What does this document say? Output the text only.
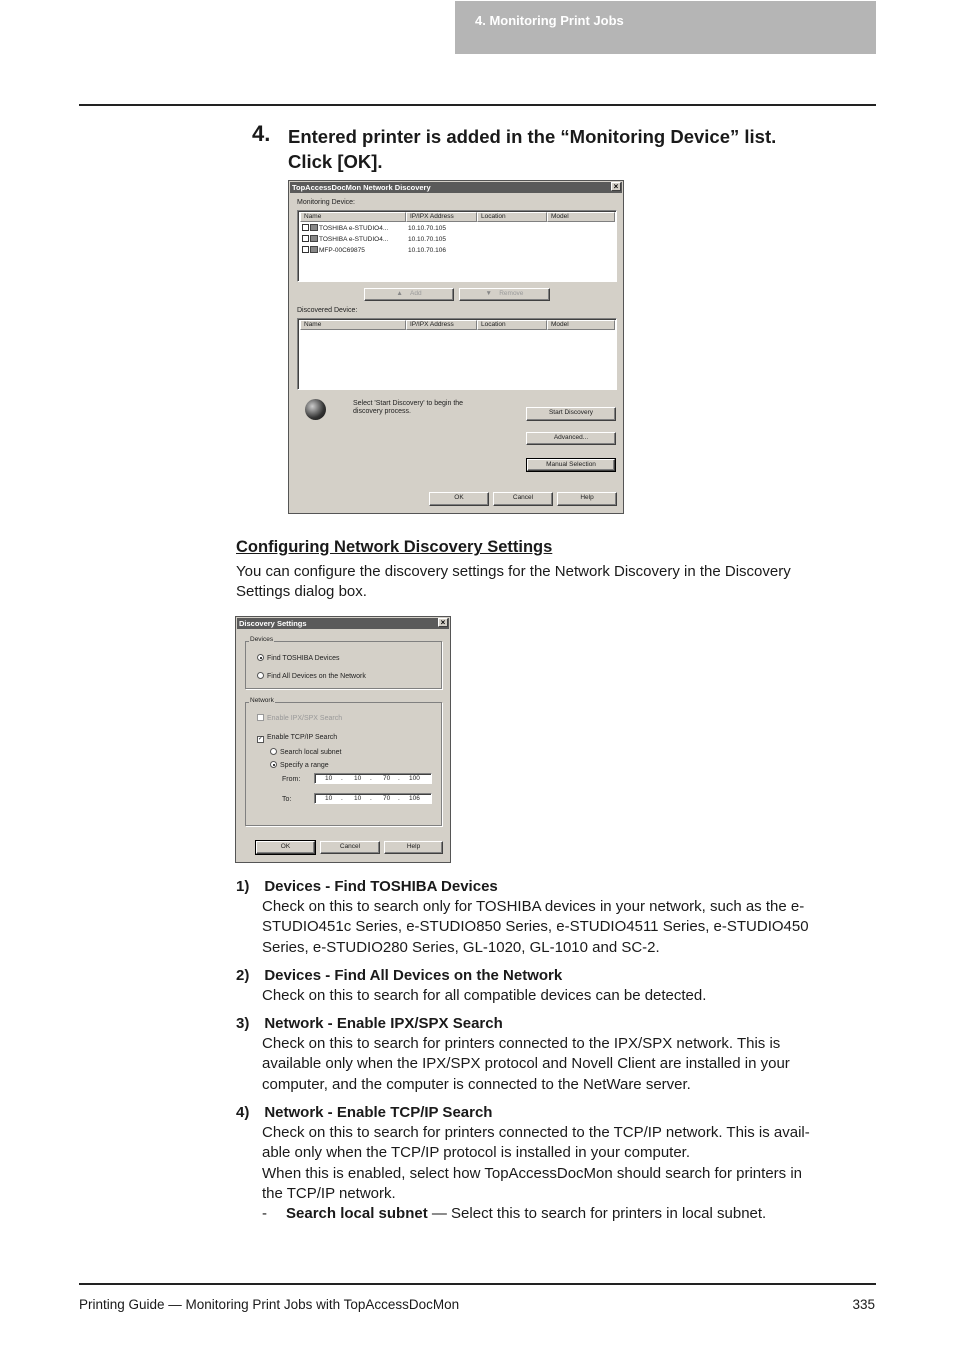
4. Monitoring Print Jobs
4. Entered printer is added in the “Monitoring Device” list.
Click [OK].
TopAccessDocMon Network Discovery	×
Monitoring Device:
Name	IP/IPX Address	Location	Model
TOSHIBA e-STUDIO4...	10.10.70.105
TOSHIBA e-STUDIO4...	10.10.70.105
MFP-00C69875	10.10.70.106
▲ Add	▼ Remove
Discovered Device:
Name	IP/IPX Address	Location	Model
Select 'Start Discovery' to begin the
discovery process.	Start Discovery
Advanced...
Manual Selection
OK	Cancel	Help
Configuring Network Discovery Settings
You can configure the discovery settings for the Network Discovery in the Discovery
Settings dialog box.
Discovery Settings	×
Devices
Find TOSHIBA Devices
Find All Devices on the Network
Network
Enable IPX/SPX Search
✓ Enable TCP/IP Search
Search local subnet
Specify a range
From:	10 . 10 . 70 . 100
To:	10 . 10 . 70 . 106
OK	Cancel	Help
1) Devices - Find TOSHIBA Devices
Check on this to search only for TOSHIBA devices in your network, such as the e-
STUDIO451c Series, e-STUDIO850 Series, e-STUDIO4511 Series, e-STUDIO450
Series, e-STUDIO280 Series, GL-1020, GL-1010 and SC-2.
2) Devices - Find All Devices on the Network
Check on this to search for all compatible devices can be detected.
3) Network - Enable IPX/SPX Search
Check on this to search for printers connected to the IPX/SPX network. This is
available only when the IPX/SPX protocol and Novell Client are installed in your
computer, and the computer is connected to the NetWare server.
4) Network - Enable TCP/IP Search
Check on this to search for printers connected to the TCP/IP network. This is avail-
able only when the TCP/IP protocol is installed in your computer.
When this is enabled, select how TopAccessDocMon should search for printers in
the TCP/IP network.
- Search local subnet — Select this to search for printers in local subnet.
Printing Guide — Monitoring Print Jobs with TopAccessDocMon	335
